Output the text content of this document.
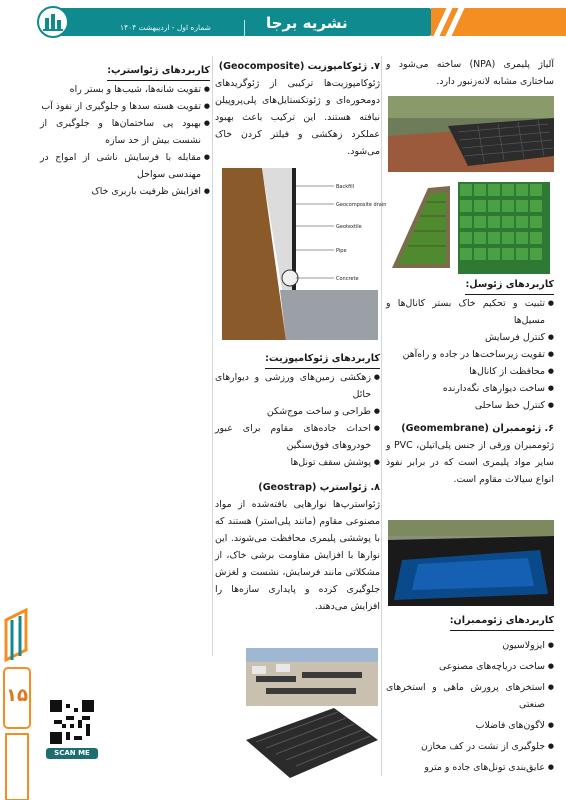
نشریه برجا
شماره اول - اردیبهشت ۱۴۰۴
۱۵
SCAN ME

آلیاژ پلیمری (NPA) ساخته می‌شود و ساختاری مشابه لانه‌زنبور دارد.

کاربردهای ژئوسل:
● تثبیت و تحکیم خاک بستر کانال‌ها و مسیل‌ها
● کنترل فرسایش
● تقویت زیرساخت‌ها در جاده و راه‌آهن
● محافظت از کانال‌ها
● ساخت دیوارهای نگه‌دارنده
● کنترل خط ساحلی
۶. ژئوممبران (Geomembrane)

ژئوممبران ورقی از جنس پلی‌اتیلن، PVC و سایر مواد پلیمری است که در برابر نفوذ انواع سیالات مقاوم است.

کاربردهای ژئوممبران:
● ایزولاسیون
● ساخت دریاچه‌های مصنوعی
● استخرهای پرورش ماهی و استخرهای صنعتی
● لاگون‌های فاضلاب
● جلوگیری از نشت در کف مخازن
● عایق‌بندی تونل‌های جاده و مترو
۷. ژئوکامپوزیت (Geocomposite)

ژئوکامپوزیت‌ها ترکیبی از ژئوگریدهای دومحوره‌ای و ژئوتکستایل‌های پلی‌پروپیلن نبافته هستند. این ترکیب باعث بهبود عملکرد زهکشی و فیلتر کردن خاک می‌شود.

Backfill
Geocomposite drain
Geotextile
Pipe
Concrete
کاربردهای ژئوکامپوزیت:
● زهکشی زمین‌های ورزشی و دیوارهای حائل
● طراحی و ساخت موج‌شکن
● احداث جاده‌های مقاوم برای عبور خودروهای فوق‌سنگین
● پوشش سقف تونل‌ها
۸. ژئواسترپ (Geostrap)

ژئواسترپ‌ها نوارهایی بافته‌شده از مواد مصنوعی مقاوم (مانند پلی‌استر) هستند که با پوششی پلیمری محافظت می‌شوند. این نوارها با افزایش مقاومت برشی خاک، از مشکلاتی مانند فرسایش، نشست و لغزش جلوگیری کرده و پایداری سازه‌ها را افزایش می‌دهند.

کاربردهای ژئواسترپ:
● تقویت شانه‌ها، شیب‌ها و بستر راه
● تقویت هسته سدها و جلوگیری از نفوذ آب
● بهبود پی ساختمان‌ها و جلوگیری از نشست بیش از حد سازه
● مقابله با فرسایش ناشی از امواج در مهندسی سواحل
● افزایش ظرفیت باربری خاک
